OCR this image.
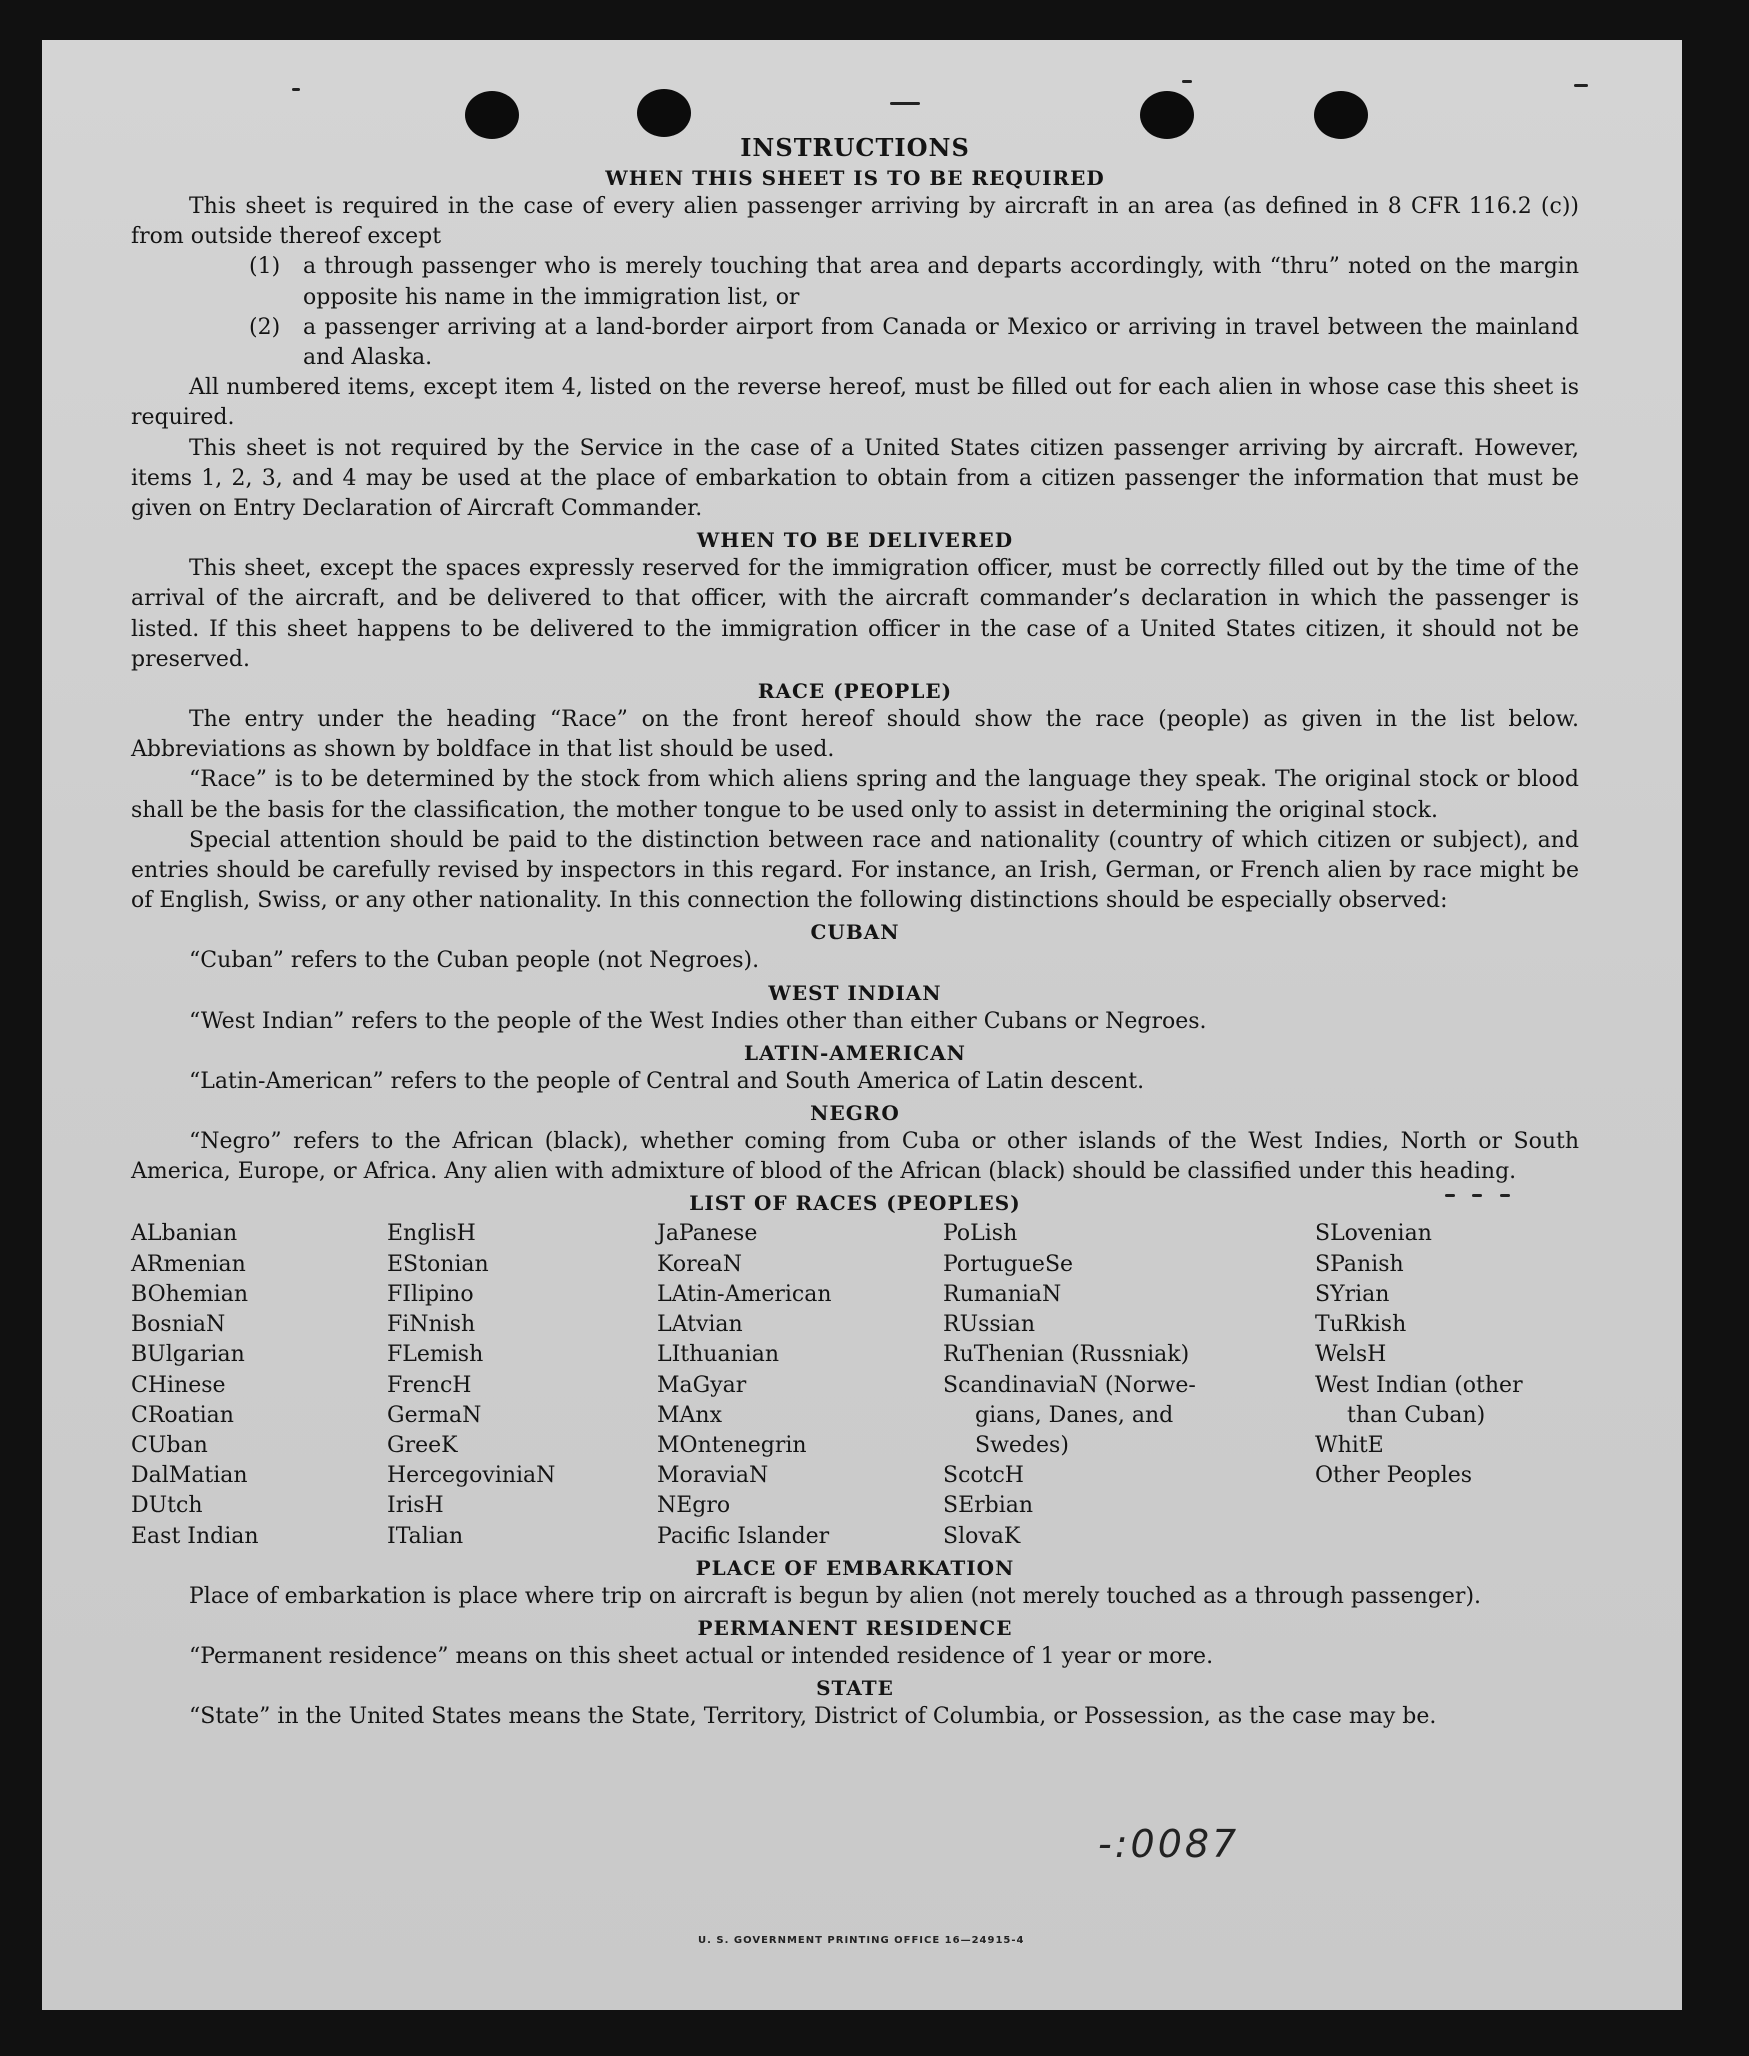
INSTRUCTIONS
WHEN THIS SHEET IS TO BE REQUIRED

This sheet is required in the case of every alien passenger arriving by aircraft in an area (as defined in 8 CFR 116.2 (c)) from outside thereof except

(1)	a through passenger who is merely touching that area and departs accordingly, with “thru” noted on the margin opposite his name in the immigration list, or
(2)	a passenger arriving at a land-border airport from Canada or Mexico or arriving in travel between the mainland and Alaska.

All numbered items, except item 4, listed on the reverse hereof, must be filled out for each alien in whose case this sheet is required.

This sheet is not required by the Service in the case of a United States citizen passenger arriving by aircraft. However, items 1, 2, 3, and 4 may be used at the place of embarkation to obtain from a citizen passenger the information that must be given on Entry Declaration of Aircraft Commander.

WHEN TO BE DELIVERED

This sheet, except the spaces expressly reserved for the immigration officer, must be correctly filled out by the time of the arrival of the aircraft, and be delivered to that officer, with the aircraft commander’s declaration in which the passenger is listed. If this sheet happens to be delivered to the immigration officer in the case of a United States citizen, it should not be preserved.

RACE (PEOPLE)

The entry under the heading “Race” on the front hereof should show the race (people) as given in the list below. Abbreviations as shown by boldface in that list should be used.

“Race” is to be determined by the stock from which aliens spring and the language they speak. The original stock or blood shall be the basis for the classification, the mother tongue to be used only to assist in determining the original stock.

Special attention should be paid to the distinction between race and nationality (country of which citizen or subject), and entries should be carefully revised by inspectors in this regard. For instance, an Irish, German, or French alien by race might be of English, Swiss, or any other nationality. In this connection the following distinctions should be especially observed:

CUBAN
“Cuban” refers to the Cuban people (not Negroes).
WEST INDIAN
“West Indian” refers to the people of the West Indies other than either Cubans or Negroes.
LATIN-AMERICAN
“Latin-American” refers to the people of Central and South America of Latin descent.
NEGRO

“Negro” refers to the African (black), whether coming from Cuba or other islands of the West Indies, North or South America, Europe, or Africa. Any alien with admixture of blood of the African (black) should be classified under this heading.

LIST OF RACES (PEOPLES)
ALbanian
ARmenian
BOhemian
BosniaN
BUlgarian
CHinese
CRoatian
CUban
DalMatian
DUtch
East Indian
EnglisH
EStonian
FIlipino
FiNnish
FLemish
FrencH
GermaN
GreeK
HercegoviniaN
IrisH
ITalian
JaPanese
KoreaN
LAtin-American
LAtvian
LIthuanian
MaGyar
MAnx
MOntenegrin
MoraviaN
NEgro
Pacific Islander
PoLish
PortugueSe
RumaniaN
RUssian
RuThenian (Russniak)
ScandinaviaN (Norwe-
gians, Danes, and
Swedes)
ScotcH
SErbian
SlovaK
SLovenian
SPanish
SYrian
TuRkish
WelsH
West Indian (other
than Cuban)
WhitE
Other Peoples
PLACE OF EMBARKATION

Place of embarkation is place where trip on aircraft is begun by alien (not merely touched as a through passenger).

PERMANENT RESIDENCE

“Permanent residence” means on this sheet actual or intended residence of 1 year or more.

STATE

“State” in the United States means the State, Territory, District of Columbia, or Possession, as the case may be.

-:0087
U. S. GOVERNMENT PRINTING OFFICE 16—24915-4
